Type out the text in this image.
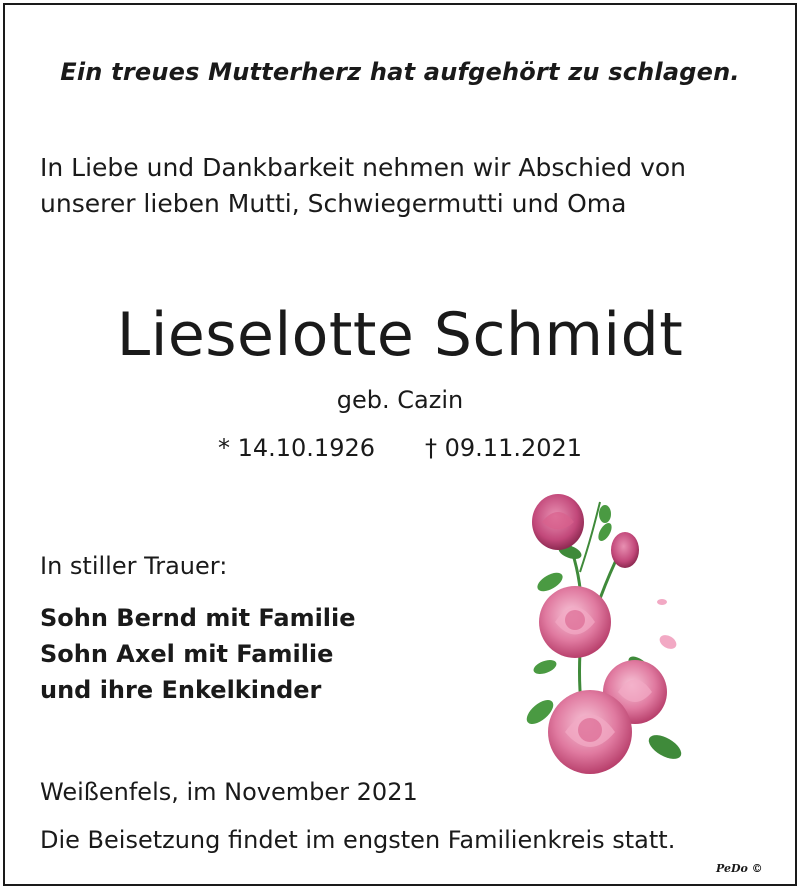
Ein treues Mutterherz hat aufgehört zu schlagen.
In Liebe und Dankbarkeit nehmen wir Abschied von
unserer lieben Mutti, Schwiegermutti und Oma
Lieselotte Schmidt
geb. Cazin
* 14.10.1926 † 09.11.2021
In stiller Trauer:
Sohn Bernd mit Familie
Sohn Axel mit Familie
und ihre Enkelkinder
Weißenfels, im November 2021
Die Beisetzung findet im engsten Familienkreis statt.
PeDo ©
